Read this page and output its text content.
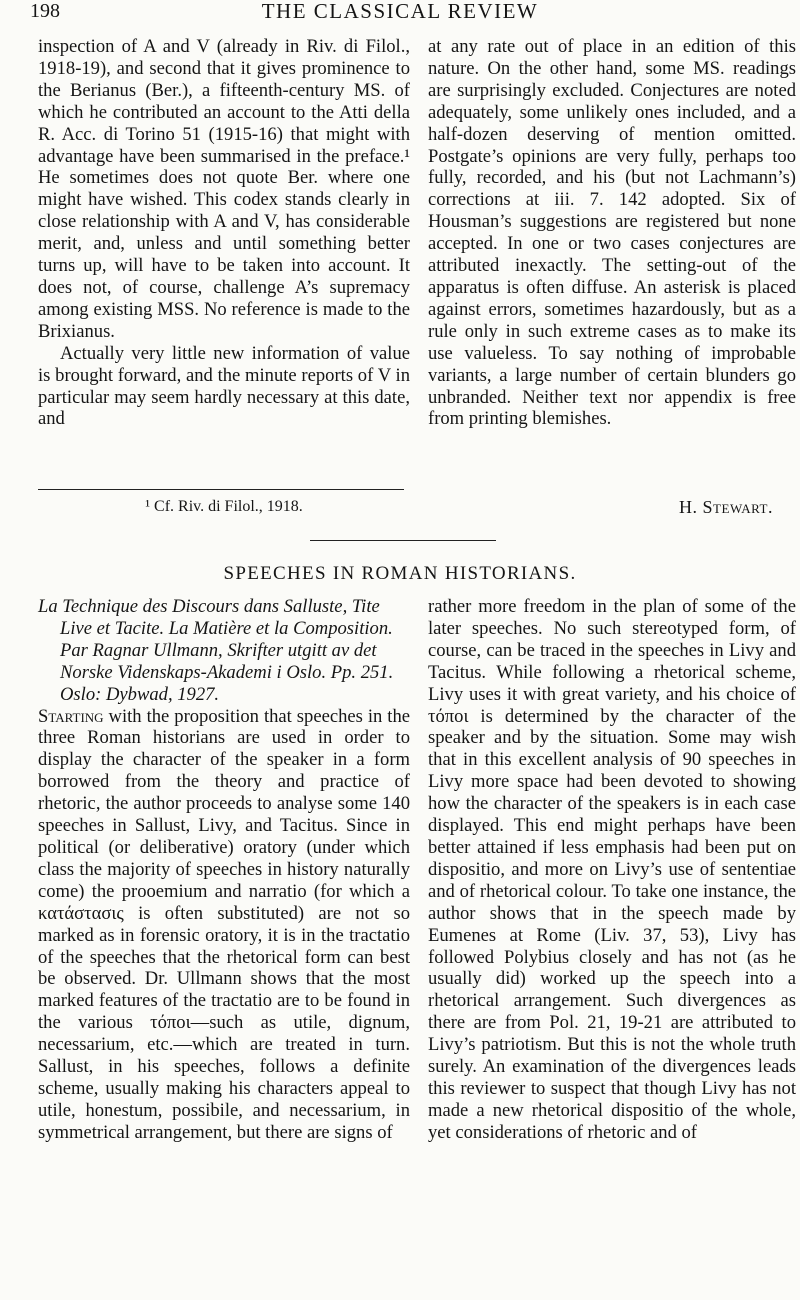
198	THE CLASSICAL REVIEW

inspection of A and V (already in Riv. di Filol., 1918-19), and second that it gives prominence to the Berianus (Ber.), a fifteenth-century MS. of which he contributed an account to the Atti della R. Acc. di Torino 51 (1915-16) that might with advantage have been summarised in the preface.¹ He sometimes does not quote Ber. where one might have wished. This codex stands clearly in close relationship with A and V, has considerable merit, and, unless and until something better turns up, will have to be taken into account. It does not, of course, challenge A’s supremacy among existing MSS. No reference is made to the Brixianus.

Actually very little new information of value is brought forward, and the minute reports of V in particular may seem hardly necessary at this date, and

at any rate out of place in an edition of this nature. On the other hand, some MS. readings are surprisingly excluded. Conjectures are noted adequately, some unlikely ones included, and a half-dozen deserving of mention omitted. Postgate’s opinions are very fully, perhaps too fully, recorded, and his (but not Lachmann’s) corrections at iii. 7. 142 adopted. Six of Housman’s suggestions are registered but none accepted. In one or two cases conjectures are attributed inexactly. The setting-out of the apparatus is often diffuse. An asterisk is placed against errors, sometimes hazardously, but as a rule only in such extreme cases as to make its use valueless. To say nothing of improbable variants, a large number of certain blunders go unbranded. Neither text nor appendix is free from printing blemishes.

¹ Cf. Riv. di Filol., 1918.	H. Stewart.
SPEECHES IN ROMAN HISTORIANS.

La Technique des Discours dans Salluste, Tite Live et Tacite. La Matière et la Composition. Par Ragnar Ullmann, Skrifter utgitt av det Norske Videnskaps-Akademi i Oslo. Pp. 251. Oslo: Dybwad, 1927.

Starting with the proposition that speeches in the three Roman historians are used in order to display the character of the speaker in a form borrowed from the theory and practice of rhetoric, the author proceeds to analyse some 140 speeches in Sallust, Livy, and Tacitus. Since in political (or deliberative) oratory (under which class the majority of speeches in history naturally come) the prooemium and narratio (for which a κατάστασις is often substituted) are not so marked as in forensic oratory, it is in the tractatio of the speeches that the rhetorical form can best be observed. Dr. Ullmann shows that the most marked features of the tractatio are to be found in the various τόποι—such as utile, dignum, necessarium, etc.—which are treated in turn. Sallust, in his speeches, follows a definite scheme, usually making his characters appeal to utile, honestum, possibile, and necessarium, in symmetrical arrangement, but there are signs of

rather more freedom in the plan of some of the later speeches. No such stereotyped form, of course, can be traced in the speeches in Livy and Tacitus. While following a rhetorical scheme, Livy uses it with great variety, and his choice of τόποι is determined by the character of the speaker and by the situation. Some may wish that in this excellent analysis of 90 speeches in Livy more space had been devoted to showing how the character of the speakers is in each case displayed. This end might perhaps have been better attained if less emphasis had been put on dispositio, and more on Livy’s use of sententiae and of rhetorical colour. To take one instance, the author shows that in the speech made by Eumenes at Rome (Liv. 37, 53), Livy has followed Polybius closely and has not (as he usually did) worked up the speech into a rhetorical arrangement. Such divergences as there are from Pol. 21, 19-21 are attributed to Livy’s patriotism. But this is not the whole truth surely. An examination of the divergences leads this reviewer to suspect that though Livy has not made a new rhetorical dispositio of the whole, yet considerations of rhetoric and of
